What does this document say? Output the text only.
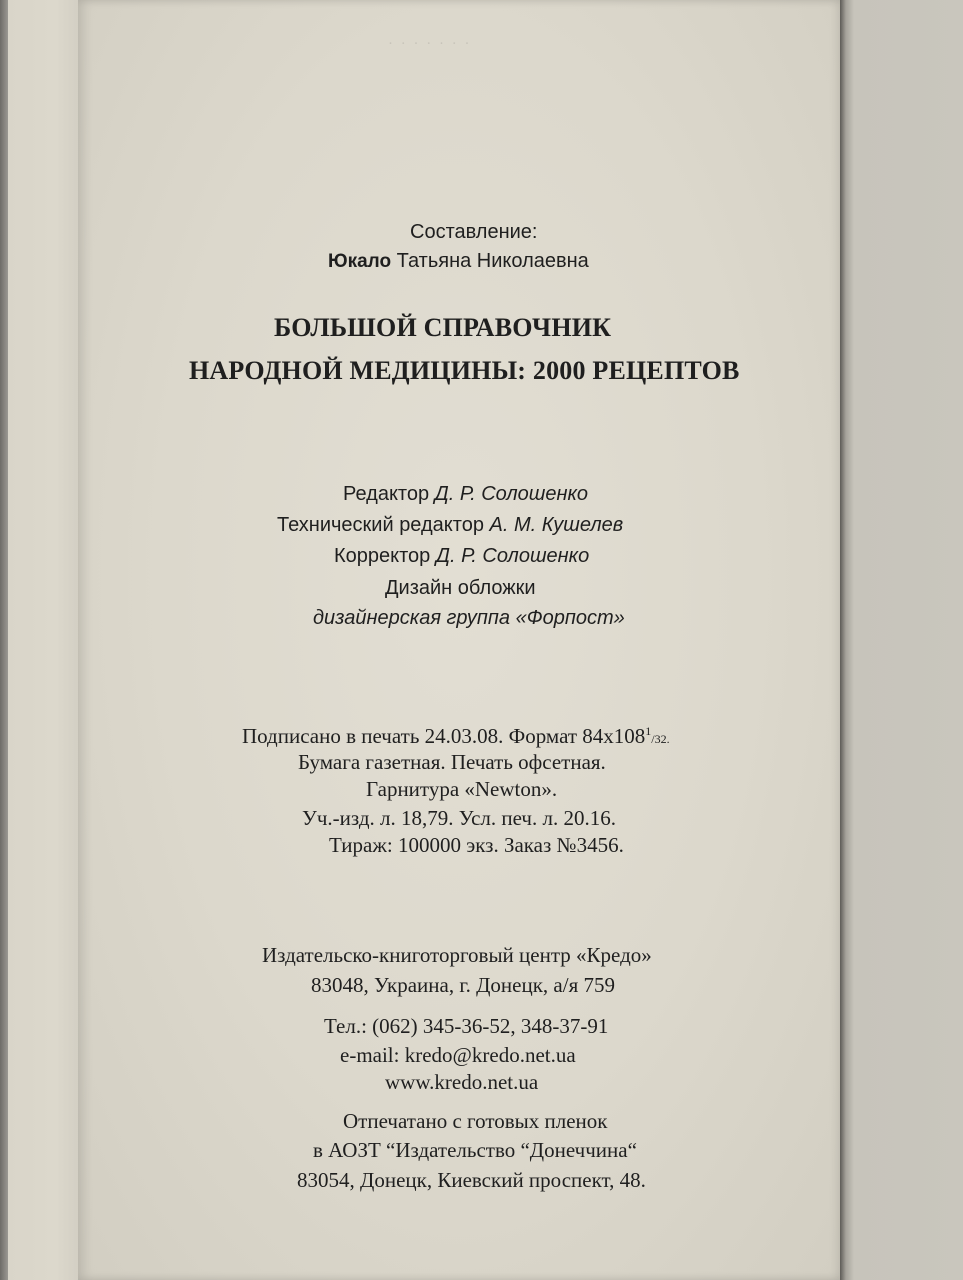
· · · · · · ·
Составление:
Юкало Татьяна Николаевна
БОЛЬШОЙ СПРАВОЧНИК
НАРОДНОЙ МЕДИЦИНЫ: 2000 РЕЦЕПТОВ
Редактор Д. Р. Солошенко
Технический редактор А. М. Кушелев
Корректор Д. Р. Солошенко
Дизайн обложки
дизайнерская группа «Форпост»
Подписано в печать 24.03.08. Формат $84x108^1/32$.
Бумага газетная. Печать офсетная.
Гарнитура «Newton».
Уч.-изд. л. 18,79. Усл. печ. л. 20.16.
Тираж: 100000 экз. Заказ №3456.
Издательско-книготорговый центр «Кредо»
83048, Украина, г. Донецк, а/я 759
Тел.: (062) 345-36-52, 348-37-91
e-mail: kredo@kredo.net.ua
www.kredo.net.ua
Отпечатано с готовых пленок
в АОЗТ “Издательство “Донеччина“
83054, Донецк, Киевский проспект, 48.
